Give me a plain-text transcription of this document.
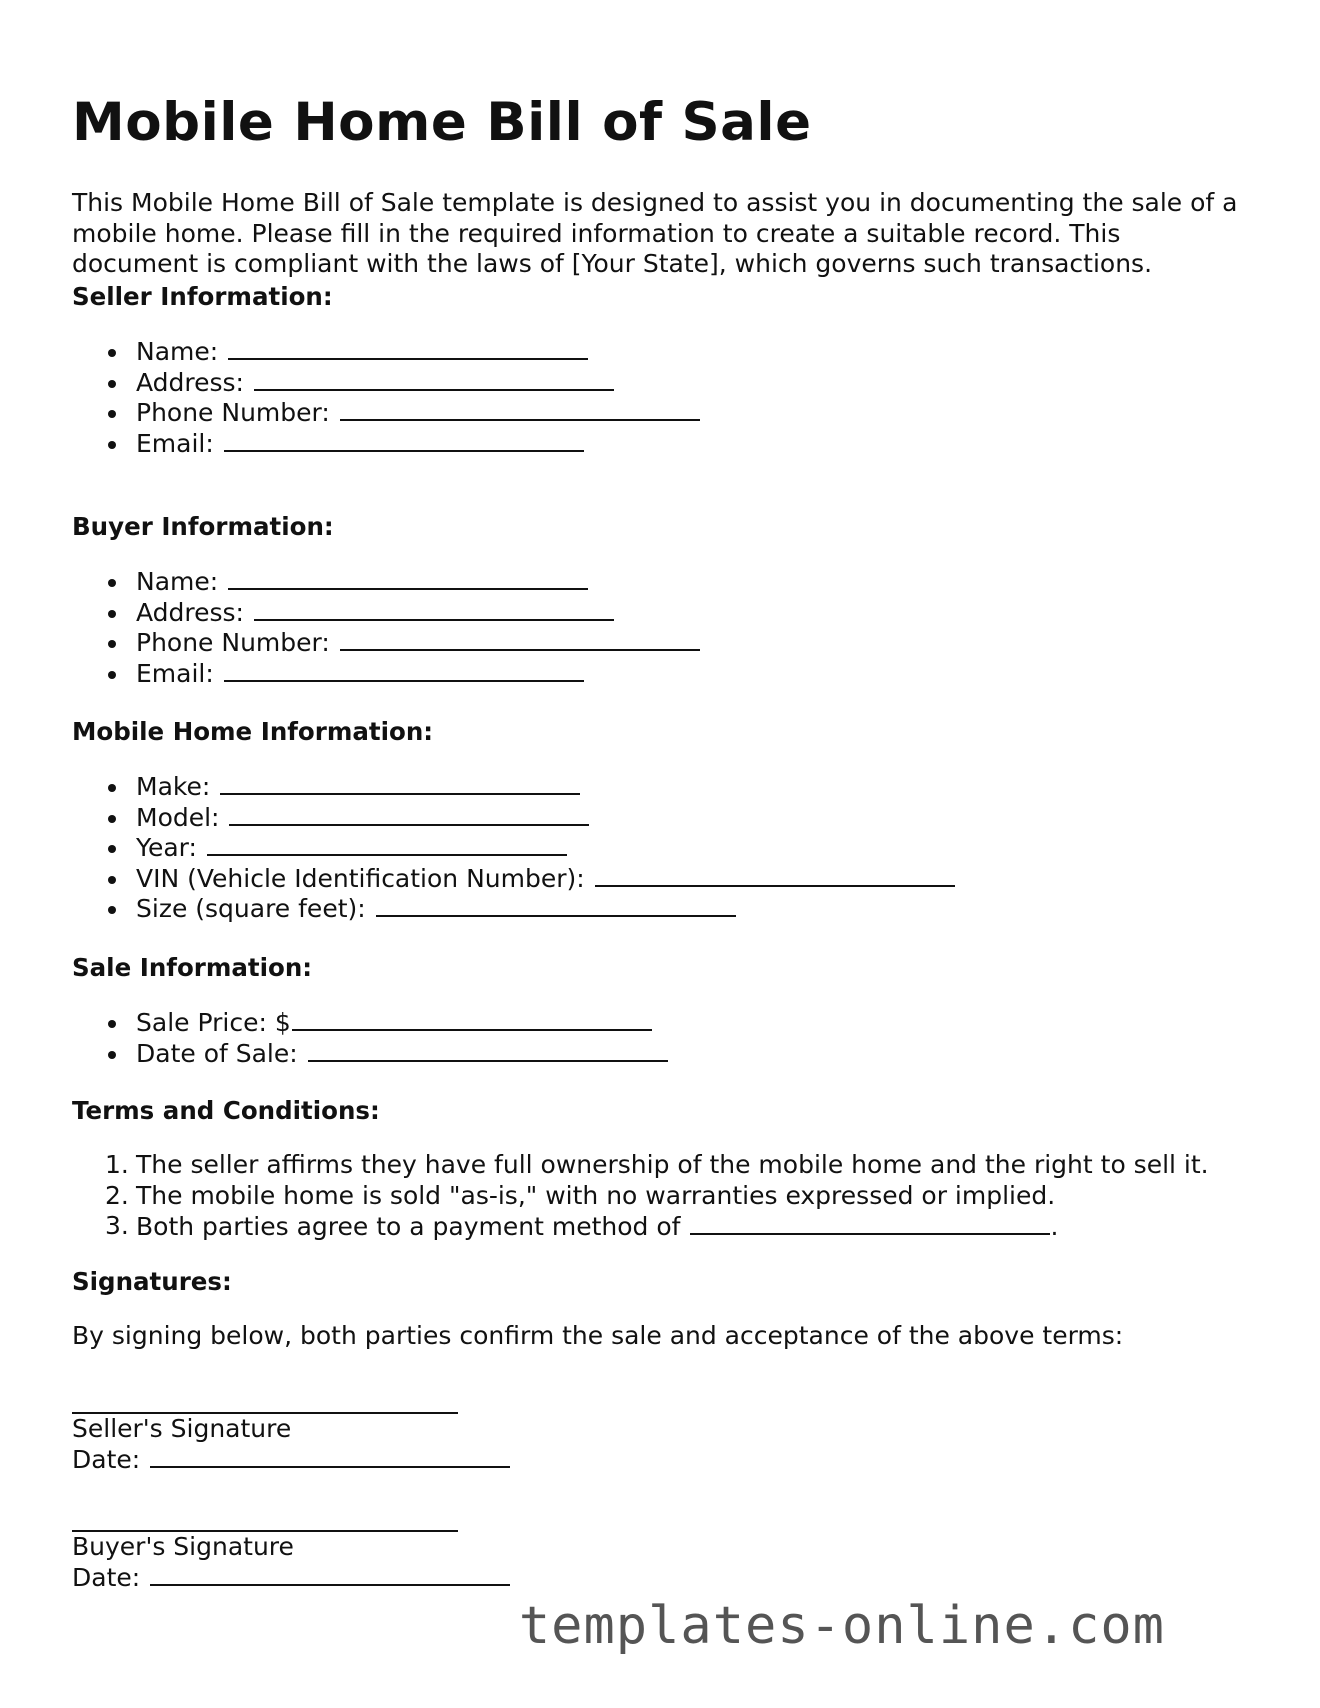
Mobile Home Bill of Sale

This Mobile Home Bill of Sale template is designed to assist you in documenting the sale of a mobile home. Please fill in the required information to create a suitable record. This document is compliant with the laws of [Your State], which governs such transactions.

Seller Information:

Name:
Address:
Phone Number:
Email:

Buyer Information:

Name:
Address:
Phone Number:
Email:

Mobile Home Information:

Make:
Model:
Year:
VIN (Vehicle Identification Number):
Size (square feet):

Sale Information:

Sale Price: $
Date of Sale:

Terms and Conditions:

1. The seller affirms they have full ownership of the mobile home and the right to sell it.
2. The mobile home is sold "as-is," with no warranties expressed or implied.
3. Both parties agree to a payment method of	.

Signatures:

By signing below, both parties confirm the sale and acceptance of the above terms:

Seller's Signature
Date:
Buyer's Signature
Date:
templates-online.com
